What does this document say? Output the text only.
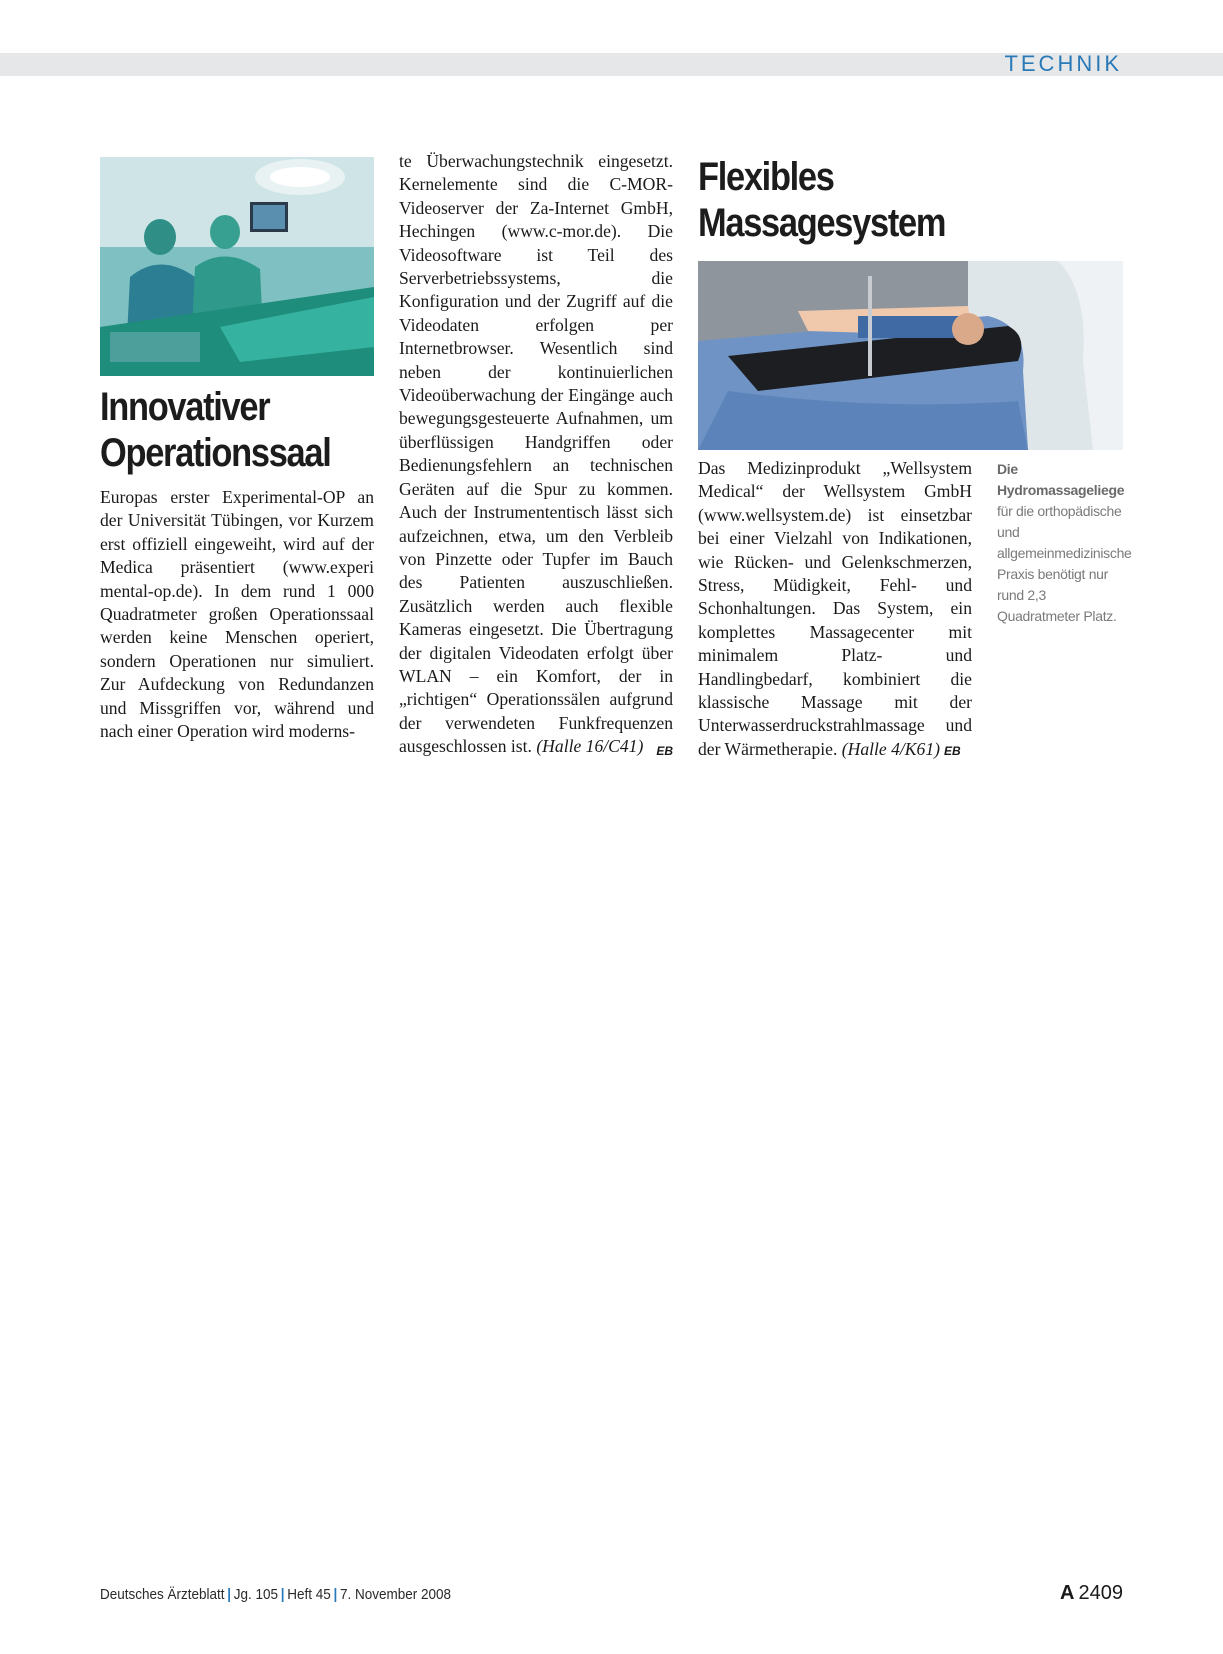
TECHNIK
Innovativer
Operationssaal

Europas erster Experimental-OP an der Universität Tübingen, vor Kurzem erst offiziell eingeweiht, wird auf der Medica präsentiert (www.experi mental-op.de). In dem rund 1 000 Quadratmeter großen Operationssaal werden keine Menschen operiert, sondern Operationen nur simuliert. Zur Aufdeckung von Redundanzen und Missgriffen vor, während und nach einer Operation wird moderns-

te Überwachungstechnik eingesetzt. Kernelemente sind die C-MOR-Videoserver der Za-Internet GmbH, Hechingen (www.c-mor.de). Die Videosoftware ist Teil des Serverbetriebssystems, die Konfiguration und der Zugriff auf die Videodaten erfolgen per Internetbrowser. Wesentlich sind neben der kontinuierlichen Videoüberwachung der Eingänge auch bewegungsgesteuerte Aufnahmen, um überflüssigen Handgriffen oder Bedienungsfehlern an technischen Geräten auf die Spur zu kommen. Auch der Instrumententisch lässt sich aufzeichnen, etwa, um den Verbleib von Pinzette oder Tupfer im Bauch des Patienten auszuschließen. Zusätzlich werden auch flexible Kameras eingesetzt. Die Übertragung der digitalen Videodaten erfolgt über WLAN – ein Komfort, der in „richtigen“ Operationssälen aufgrund der verwendeten Funkfrequenzen ausgeschlossen ist. (Halle 16/C41) EB

Flexibles
Massagesystem

Das Medizinprodukt „Wellsystem Medical“ der Wellsystem GmbH (www.wellsystem.de) ist einsetzbar bei einer Vielzahl von Indikationen, wie Rücken- und Gelenkschmerzen, Stress, Müdigkeit, Fehl- und Schonhaltungen. Das System, ein komplettes Massagecenter mit minimalem Platz- und Handlingbedarf, kombiniert die klassische Massage mit der Unterwasserdruckstrahlmassage und der Wärmetherapie. (Halle 4/K61) EB

Die Hydromassageliege für die orthopädische und allgemeinmedizinische Praxis benötigt nur rund 2,3 Quadratmeter Platz.
Deutsches Ärzteblatt | Jg. 105 | Heft 45 | 7. November 2008	A 2409
